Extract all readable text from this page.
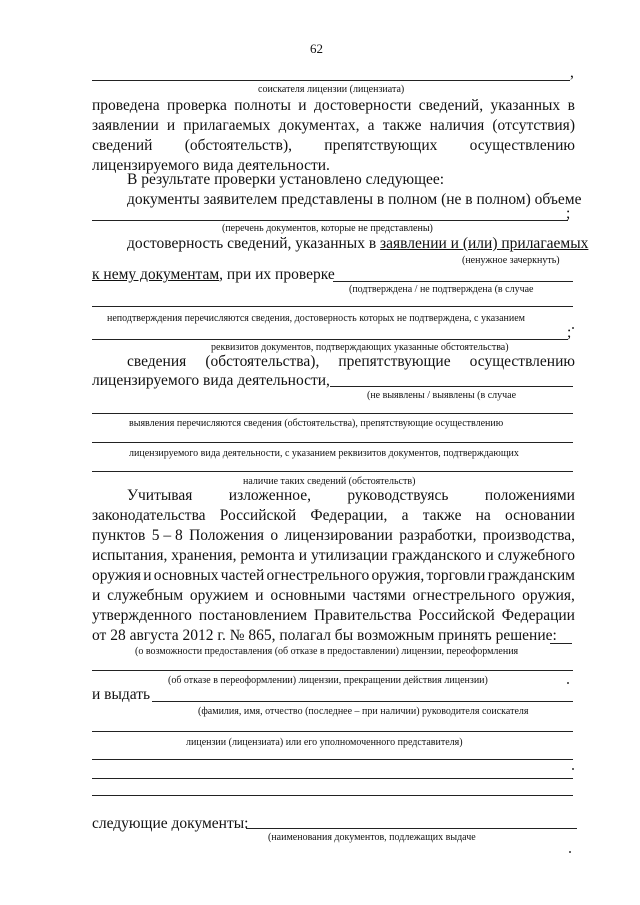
62
,
соискателя лицензии (лицензиата)
проведена проверка полноты и достоверности сведений, указанных в
заявлении и прилагаемых документах, а также наличия (отсутствия)
сведений (обстоятельств), препятствующих осуществлению
лицензируемого вида деятельности.
В результате проверки установлено следующее:
документы заявителем представлены в полном (не в полном) объеме
;
(перечень документов, которые не представлены)
достоверность сведений, указанных в заявлении и (или) прилагаемых
(ненужное зачеркнуть)
к нему документам, при их проверке
(подтверждена / не подтверждена (в случае
неподтверждения перечисляются сведения, достоверность которых не подтверждена, с указанием
;
реквизитов документов, подтверждающих указанные обстоятельства)
сведения (обстоятельства), препятствующие осуществлению
лицензируемого вида деятельности,
(не выявлены / выявлены (в случае
выявления перечисляются сведения (обстоятельства), препятствующие осуществлению
лицензируемого вида деятельности, с указанием реквизитов документов, подтверждающих
наличие таких сведений (обстоятельств)
Учитывая изложенное, руководствуясь положениями
законодательства Российской Федерации, а также на основании
пунктов 5 – 8 Положения о лицензировании разработки, производства,
испытания, хранения, ремонта и утилизации гражданского и служебного
оружия и основных частей огнестрельного оружия, торговли гражданским
и служебным оружием и основными частями огнестрельного оружия,
утвержденного постановлением Правительства Российской Федерации
от 28 августа 2012 г. № 865, полагал бы возможным принять решение:
(о возможности предоставления (об отказе в предоставлении) лицензии, переоформления
(об отказе в переоформлении) лицензии, прекращении действия лицензии)
и выдать
(фамилия, имя, отчество (последнее – при наличии) руководителя соискателя
лицензии (лицензиата) или его уполномоченного представителя)
следующие документы:
(наименования документов, подлежащих выдаче
